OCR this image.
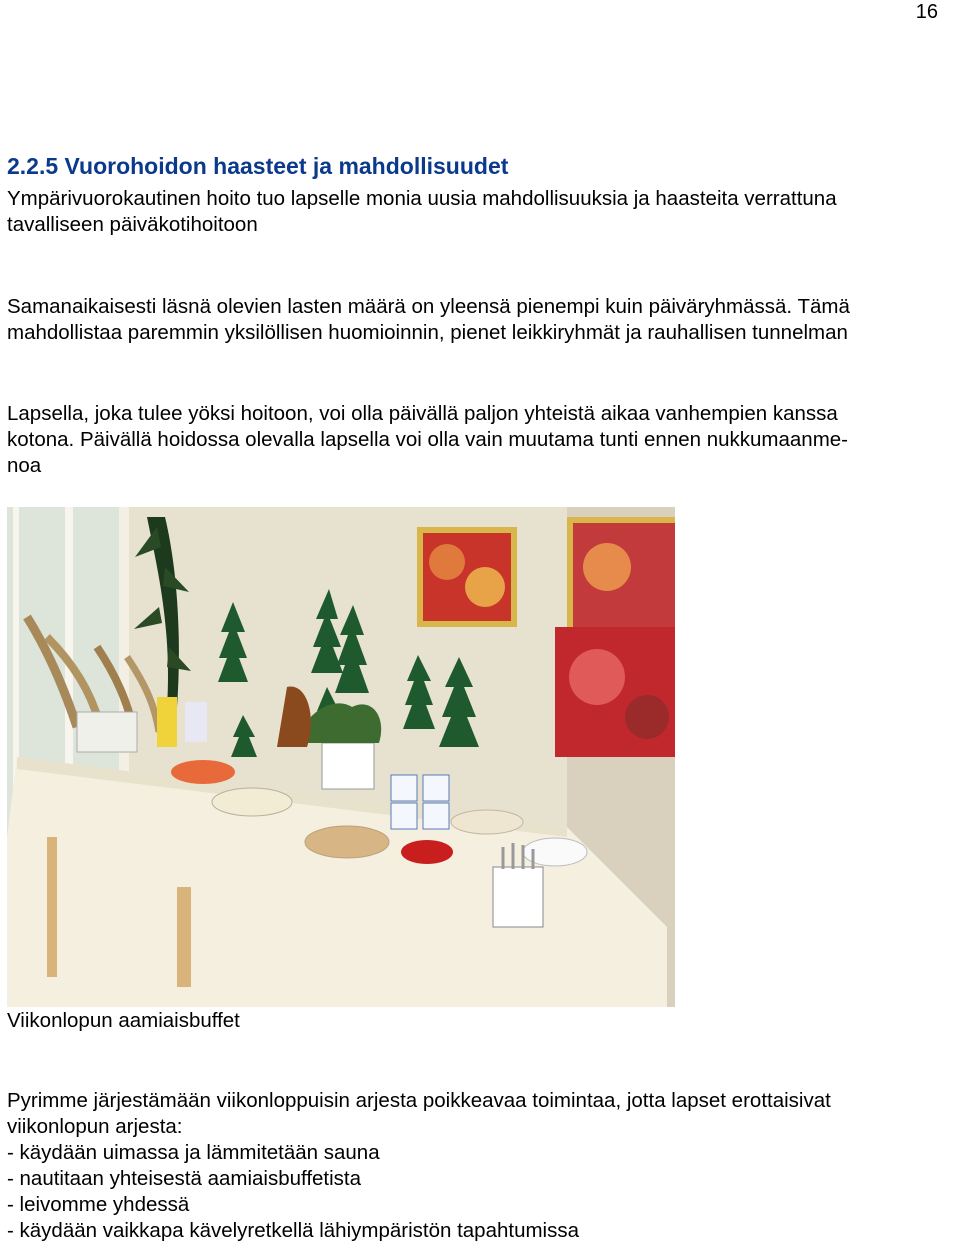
16
2.2.5 Vuorohoidon haasteet ja mahdollisuudet

Ympärivuorokautinen hoito tuo lapselle monia uusia mahdollisuuksia ja haasteita verrattuna

tavalliseen päiväkotihoitoon

Samanaikaisesti läsnä olevien lasten määrä on yleensä pienempi kuin päiväryhmässä. Tämä

mahdollistaa paremmin yksilöllisen huomioinnin, pienet leikkiryhmät ja rauhallisen tunnelman

Lapsella, joka tulee yöksi hoitoon, voi olla päivällä paljon yhteistä aikaa vanhempien kanssa

kotona. Päivällä hoidossa olevalla lapsella voi olla vain muutama tunti ennen nukkumaanme-

noa

Viikonlopun aamiaisbuffet

Pyrimme järjestämään viikonloppuisin arjesta poikkeavaa toimintaa, jotta lapset erottaisivat

viikonlopun arjesta:

- käydään uimassa ja lämmitetään sauna

- nautitaan yhteisestä aamiaisbuffetista

- leivomme yhdessä

- käydään vaikkapa kävelyretkellä lähiympäristön tapahtumissa
